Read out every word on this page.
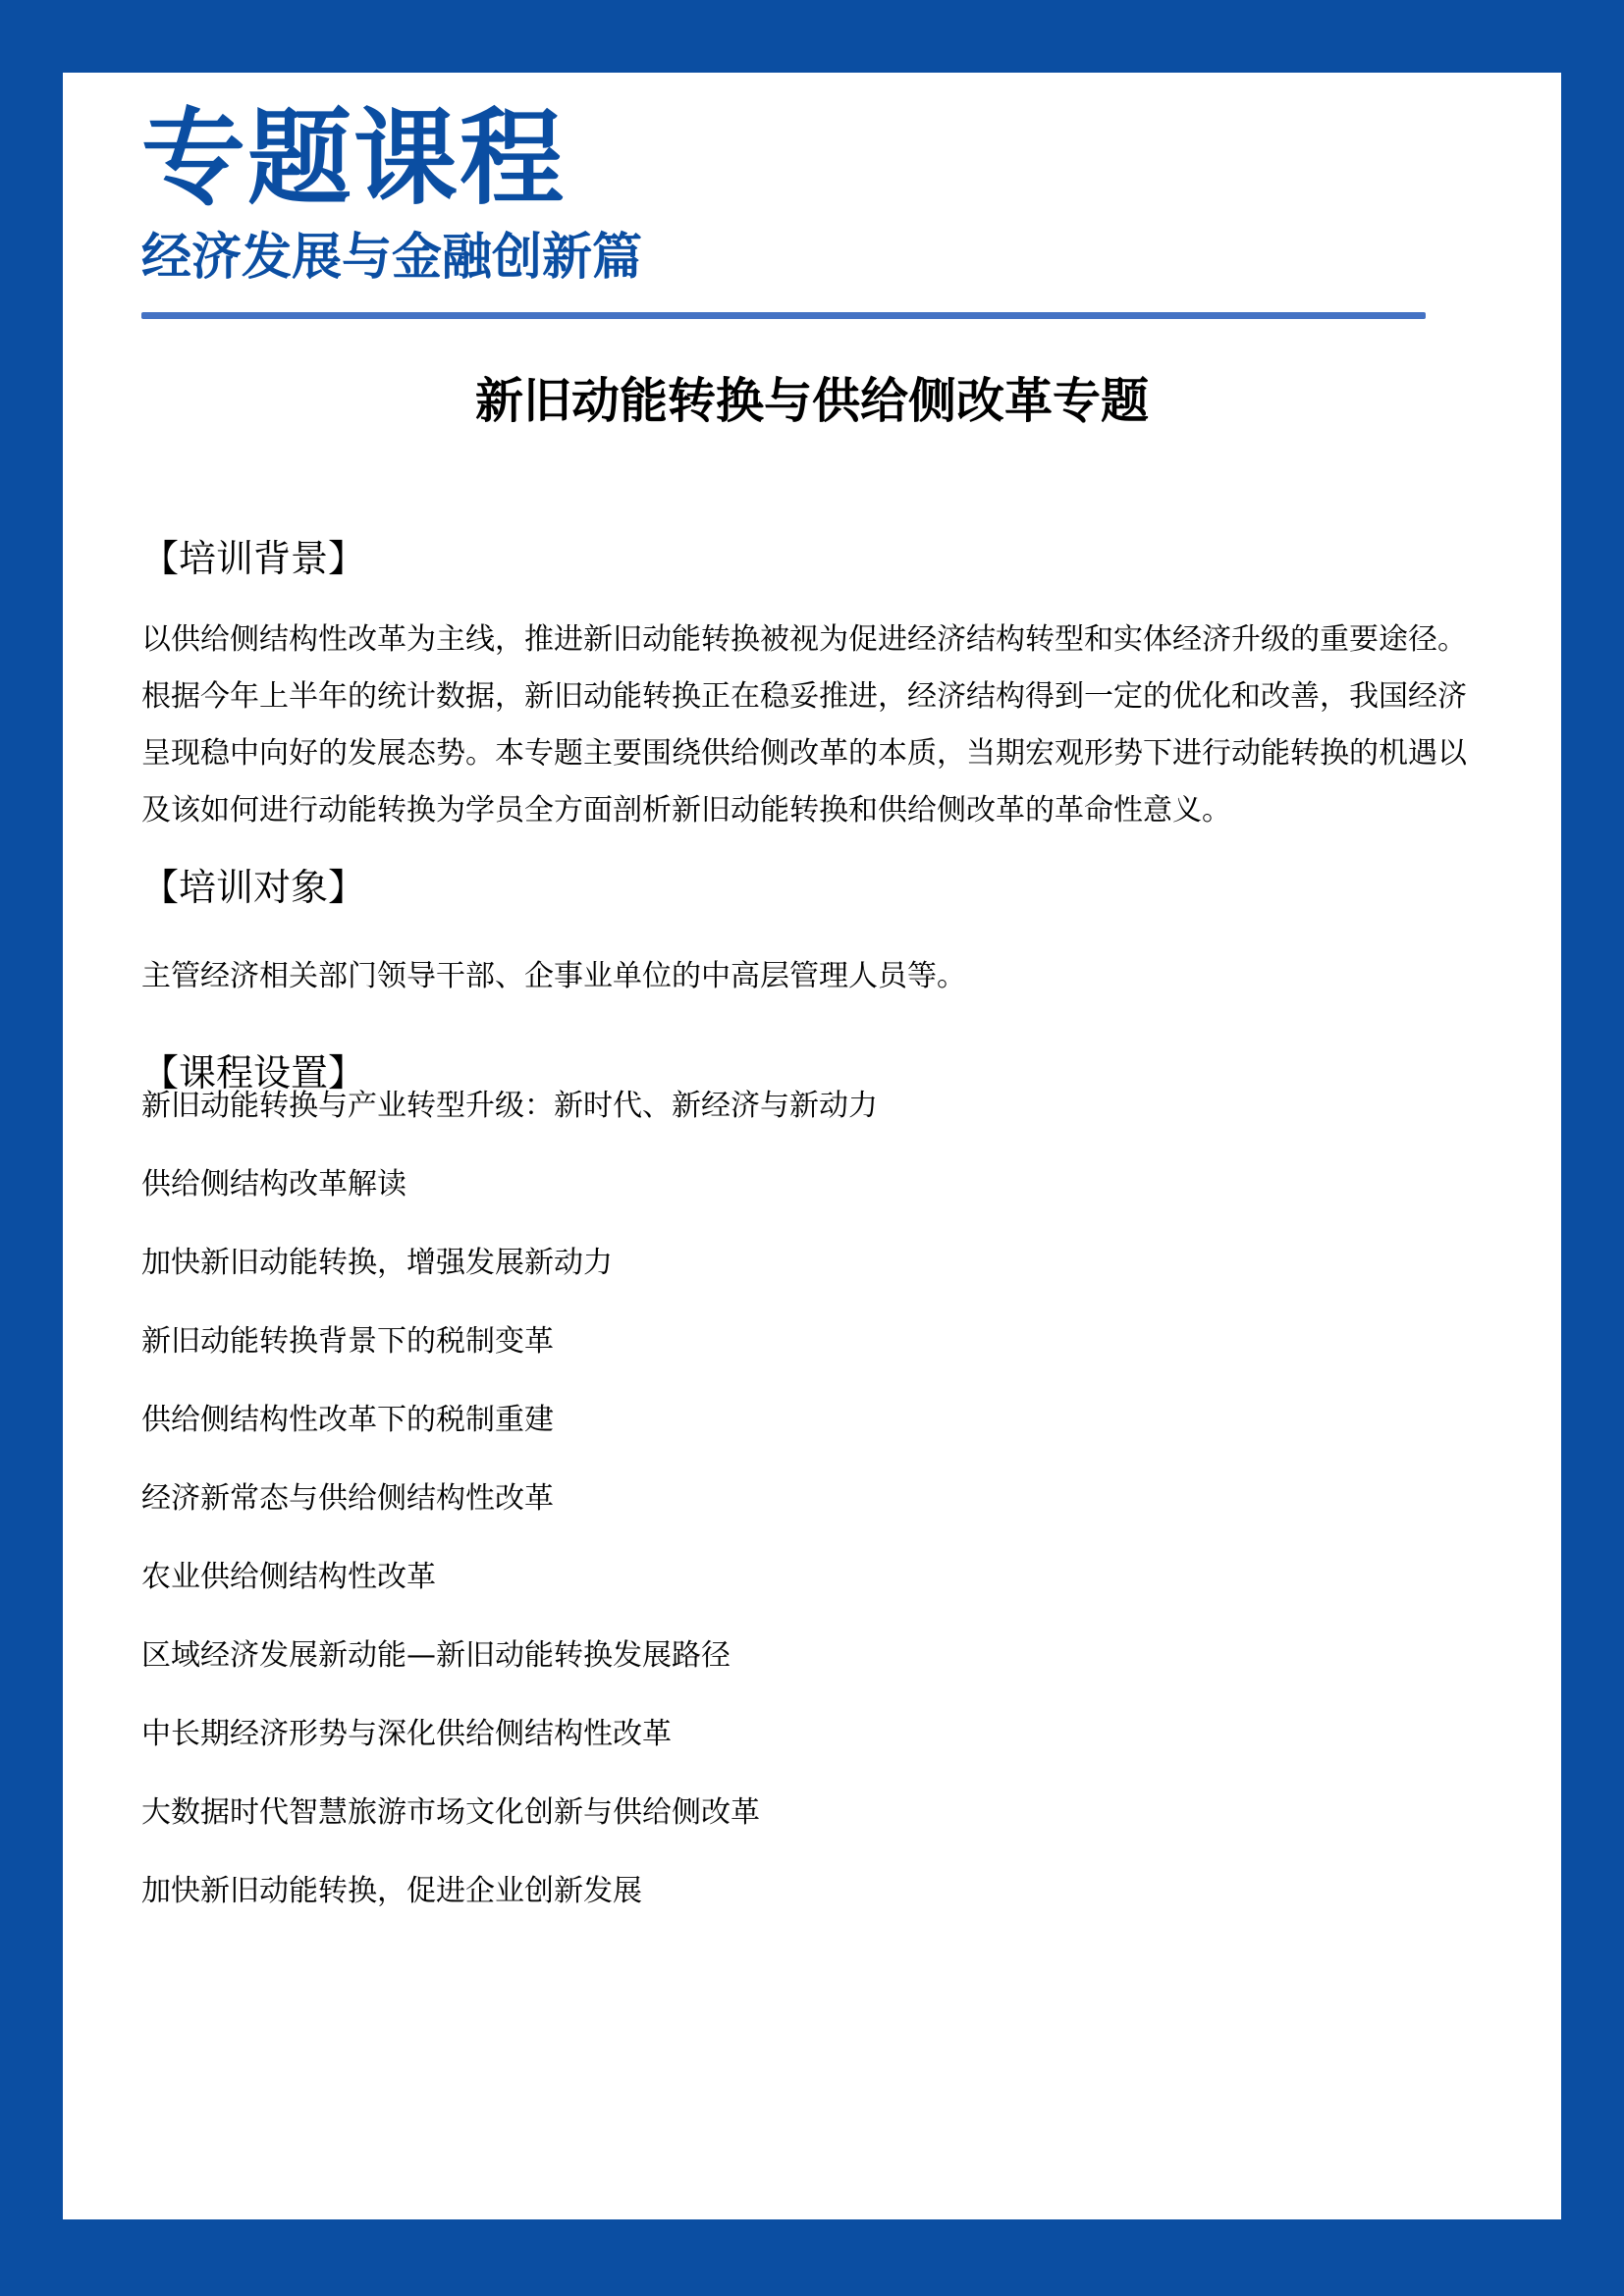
专题课程
经济发展与金融创新篇
新旧动能转换与供给侧改革专题
【培训背景】
以供给侧结构性改革为主线，推进新旧动能转换被视为促进经济结构转型和实体经济升级的重要途径。根据今年上半年的统计数据，新旧动能转换正在稳妥推进，经济结构得到一定的优化和改善，我国经济呈现稳中向好的发展态势。本专题主要围绕供给侧改革的本质，当期宏观形势下进行动能转换的机遇以及该如何进行动能转换为学员全方面剖析新旧动能转换和供给侧改革的革命性意义。
【培训对象】
主管经济相关部门领导干部、企事业单位的中高层管理人员等。
【课程设置】
新旧动能转换与产业转型升级：新时代、新经济与新动力
供给侧结构改革解读
加快新旧动能转换，增强发展新动力
新旧动能转换背景下的税制变革
供给侧结构性改革下的税制重建
经济新常态与供给侧结构性改革
农业供给侧结构性改革
区域经济发展新动能—新旧动能转换发展路径
中长期经济形势与深化供给侧结构性改革
大数据时代智慧旅游市场文化创新与供给侧改革
加快新旧动能转换，促进企业创新发展
